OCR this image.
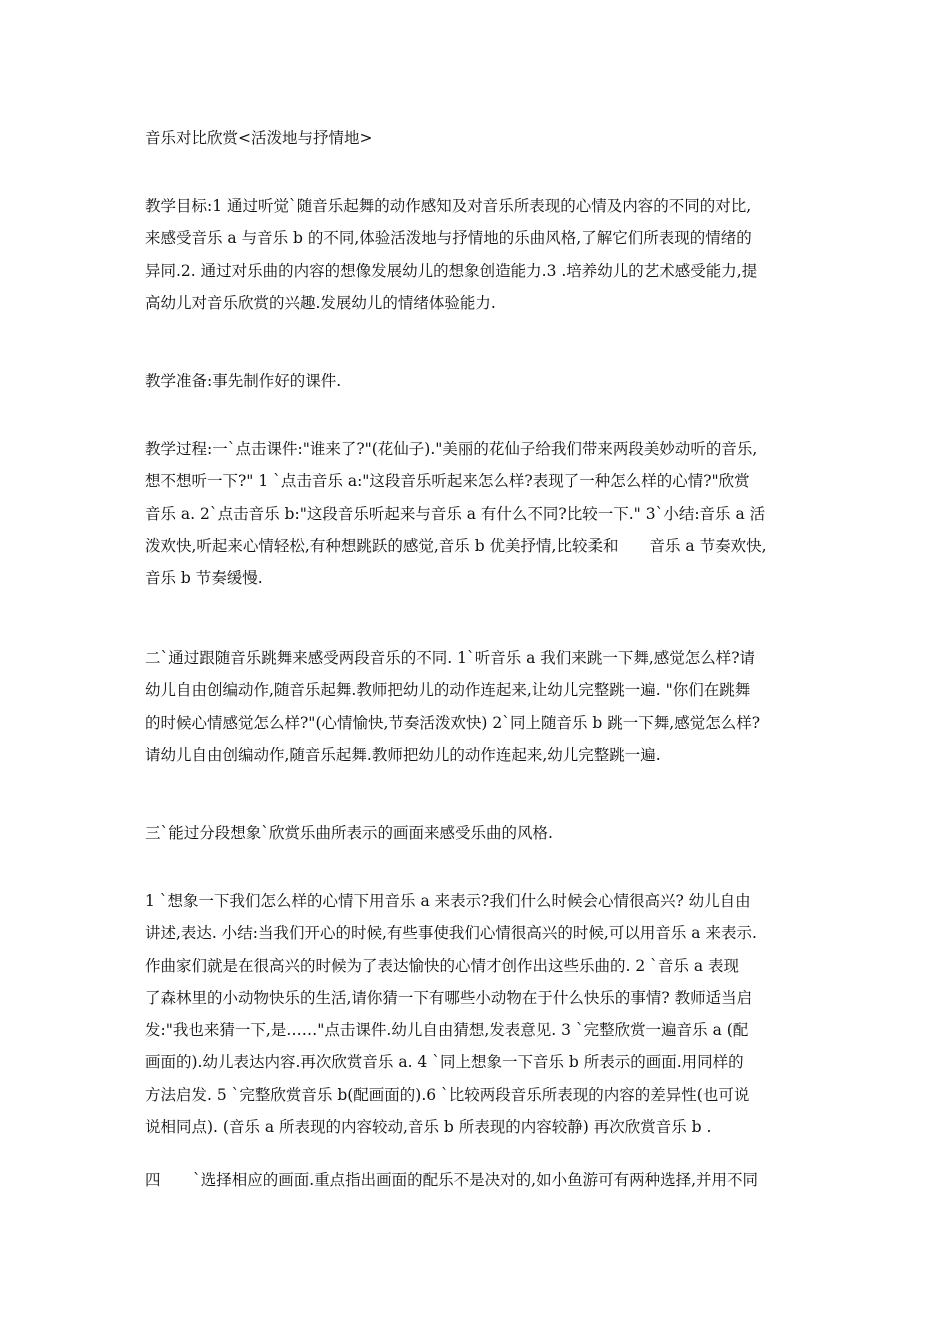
音乐对比欣赏<活泼地与抒情地>

教学目标:1 通过听觉`随音乐起舞的动作感知及对音乐所表现的心情及内容的不同的对比,
来感受音乐 a 与音乐 b 的不同,体验活泼地与抒情地的乐曲风格,了解它们所表现的情绪的
异同.2. 通过对乐曲的内容的想像发展幼儿的想象创造能力.3 .培养幼儿的艺术感受能力,提
高幼儿对音乐欣赏的兴趣.发展幼儿的情绪体验能力.

教学准备:事先制作好的课件.

教学过程:一`点击课件:"谁来了?"(花仙子)."美丽的花仙子给我们带来两段美妙动听的音乐,
想不想听一下?" 1 `点击音乐 a:"这段音乐听起来怎么样?表现了一种怎么样的心情?"欣赏
音乐 a. 2`点击音乐 b:"这段音乐听起来与音乐 a 有什么不同?比较一下." 3`小结:音乐 a 活
泼欢快,听起来心情轻松,有种想跳跃的感觉,音乐 b 优美抒情,比较柔和　　音乐 a 节奏欢快,
音乐 b 节奏缓慢.

二`通过跟随音乐跳舞来感受两段音乐的不同. 1`听音乐 a 我们来跳一下舞,感觉怎么样?请
幼儿自由创编动作,随音乐起舞.教师把幼儿的动作连起来,让幼儿完整跳一遍. "你们在跳舞
的时候心情感觉怎么样?"(心情愉快,节奏活泼欢快) 2`同上随音乐 b 跳一下舞,感觉怎么样?
请幼儿自由创编动作,随音乐起舞.教师把幼儿的动作连起来,幼儿完整跳一遍.

三`能过分段想象`欣赏乐曲所表示的画面来感受乐曲的风格.

1 `想象一下我们怎么样的心情下用音乐 a 来表示?我们什么时候会心情很高兴? 幼儿自由
讲述,表达. 小结:当我们开心的时候,有些事使我们心情很高兴的时候,可以用音乐 a 来表示.
作曲家们就是在很高兴的时候为了表达愉快的心情才创作出这些乐曲的. 2 `音乐 a 表现
了森林里的小动物快乐的生活,请你猜一下有哪些小动物在于什么快乐的事情? 教师适当启
发:"我也来猜一下,是……"点击课件.幼儿自由猜想,发表意见. 3 `完整欣赏一遍音乐 a (配
画面的).幼儿表达内容.再次欣赏音乐 a. 4 `同上想象一下音乐 b 所表示的画面.用同样的
方法启发. 5 `完整欣赏音乐 b(配画面的).6 `比较两段音乐所表现的内容的差异性(也可说
说相同点). (音乐 a 所表现的内容较动,音乐 b 所表现的内容较静) 再次欣赏音乐 b .

四 `选择相应的画面.重点指出画面的配乐不是决对的,如小鱼游可有两种选择,并用不同
